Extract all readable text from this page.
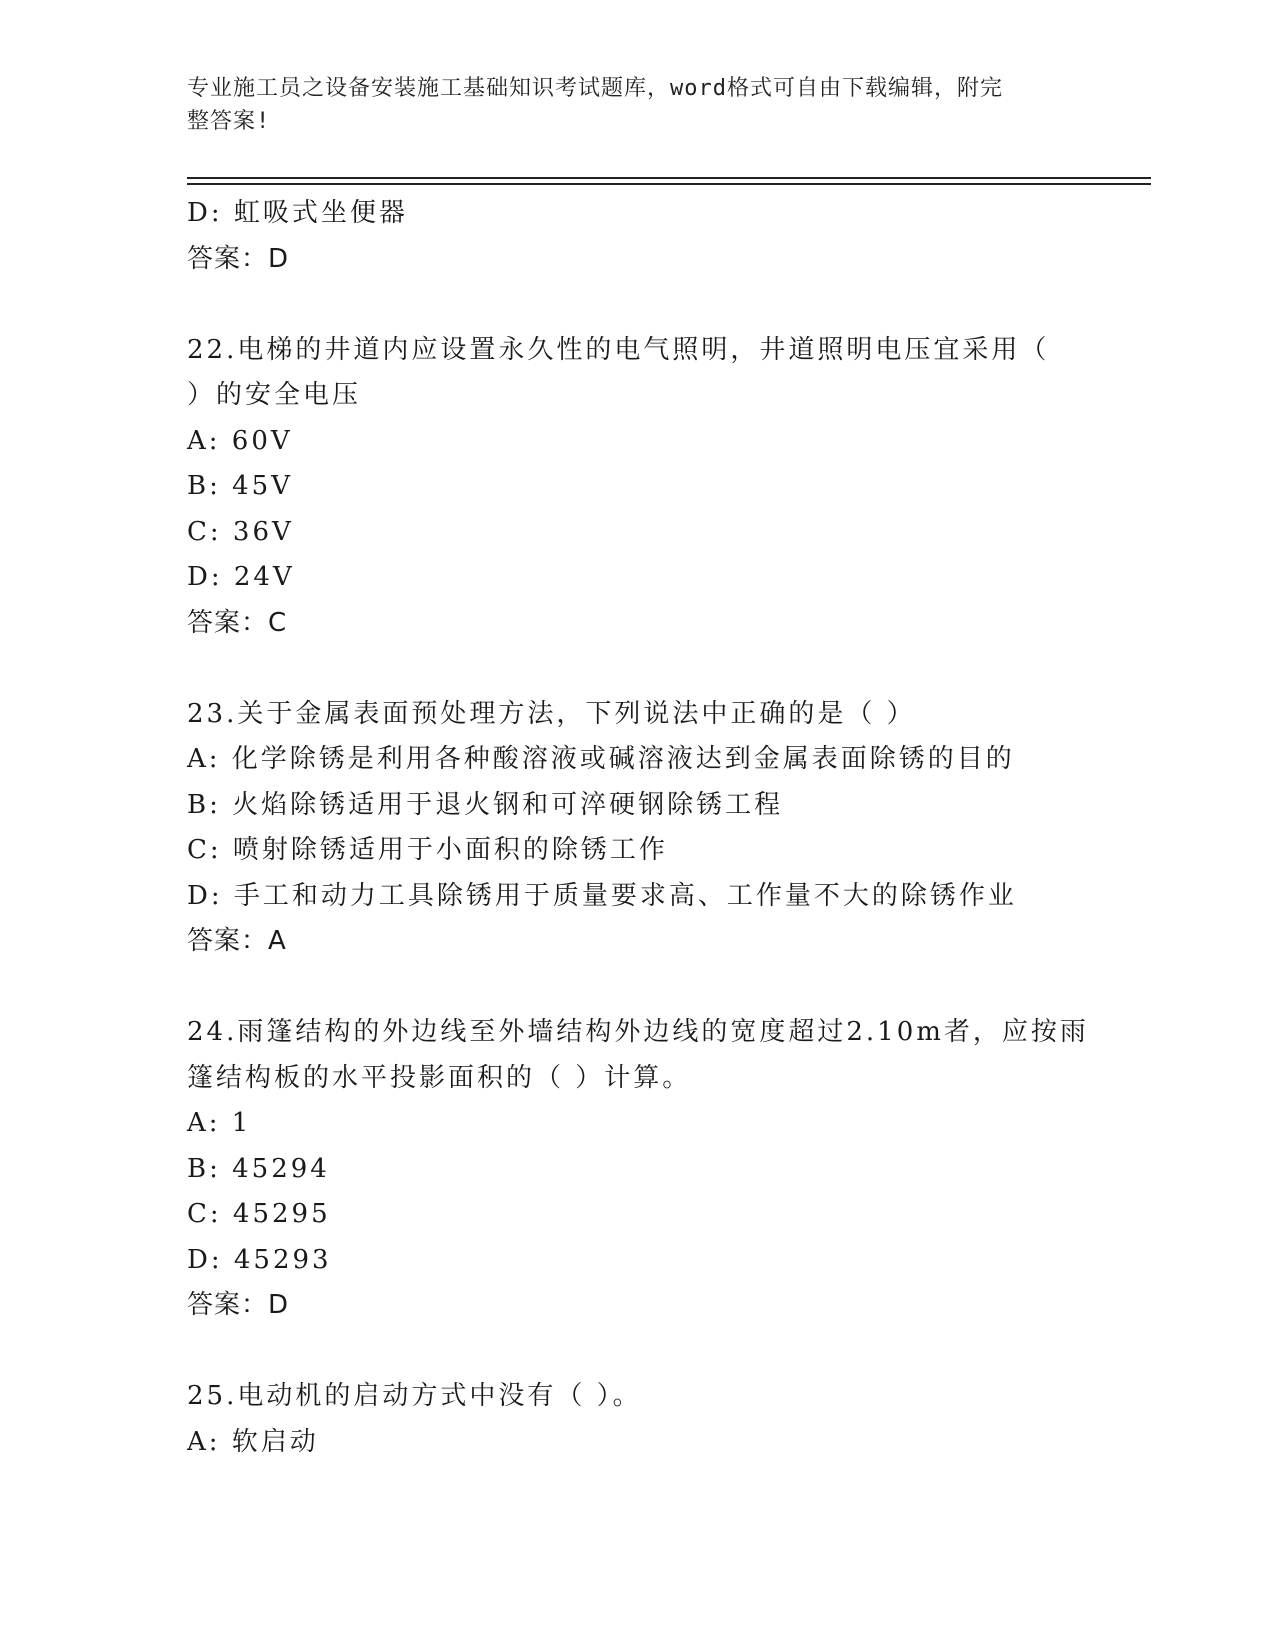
专业施工员之设备安装施工基础知识考试题库，word格式可自由下载编辑，附完
整答案!
D: 虹吸式坐便器
答案：D
22.电梯的井道内应设置永久性的电气照明，井道照明电压宜采用（
）的安全电压
A: 60V
B: 45V
C: 36V
D: 24V
答案：C
23.关于金属表面预处理方法，下列说法中正确的是（ ）
A: 化学除锈是利用各种酸溶液或碱溶液达到金属表面除锈的目的
B: 火焰除锈适用于退火钢和可淬硬钢除锈工程
C: 喷射除锈适用于小面积的除锈工作
D: 手工和动力工具除锈用于质量要求高、工作量不大的除锈作业
答案：A
24.雨篷结构的外边线至外墙结构外边线的宽度超过2.10m者，应按雨
篷结构板的水平投影面积的（ ）计算。
A: 1
B: 45294
C: 45295
D: 45293
答案：D
25.电动机的启动方式中没有（ ）。
A: 软启动
